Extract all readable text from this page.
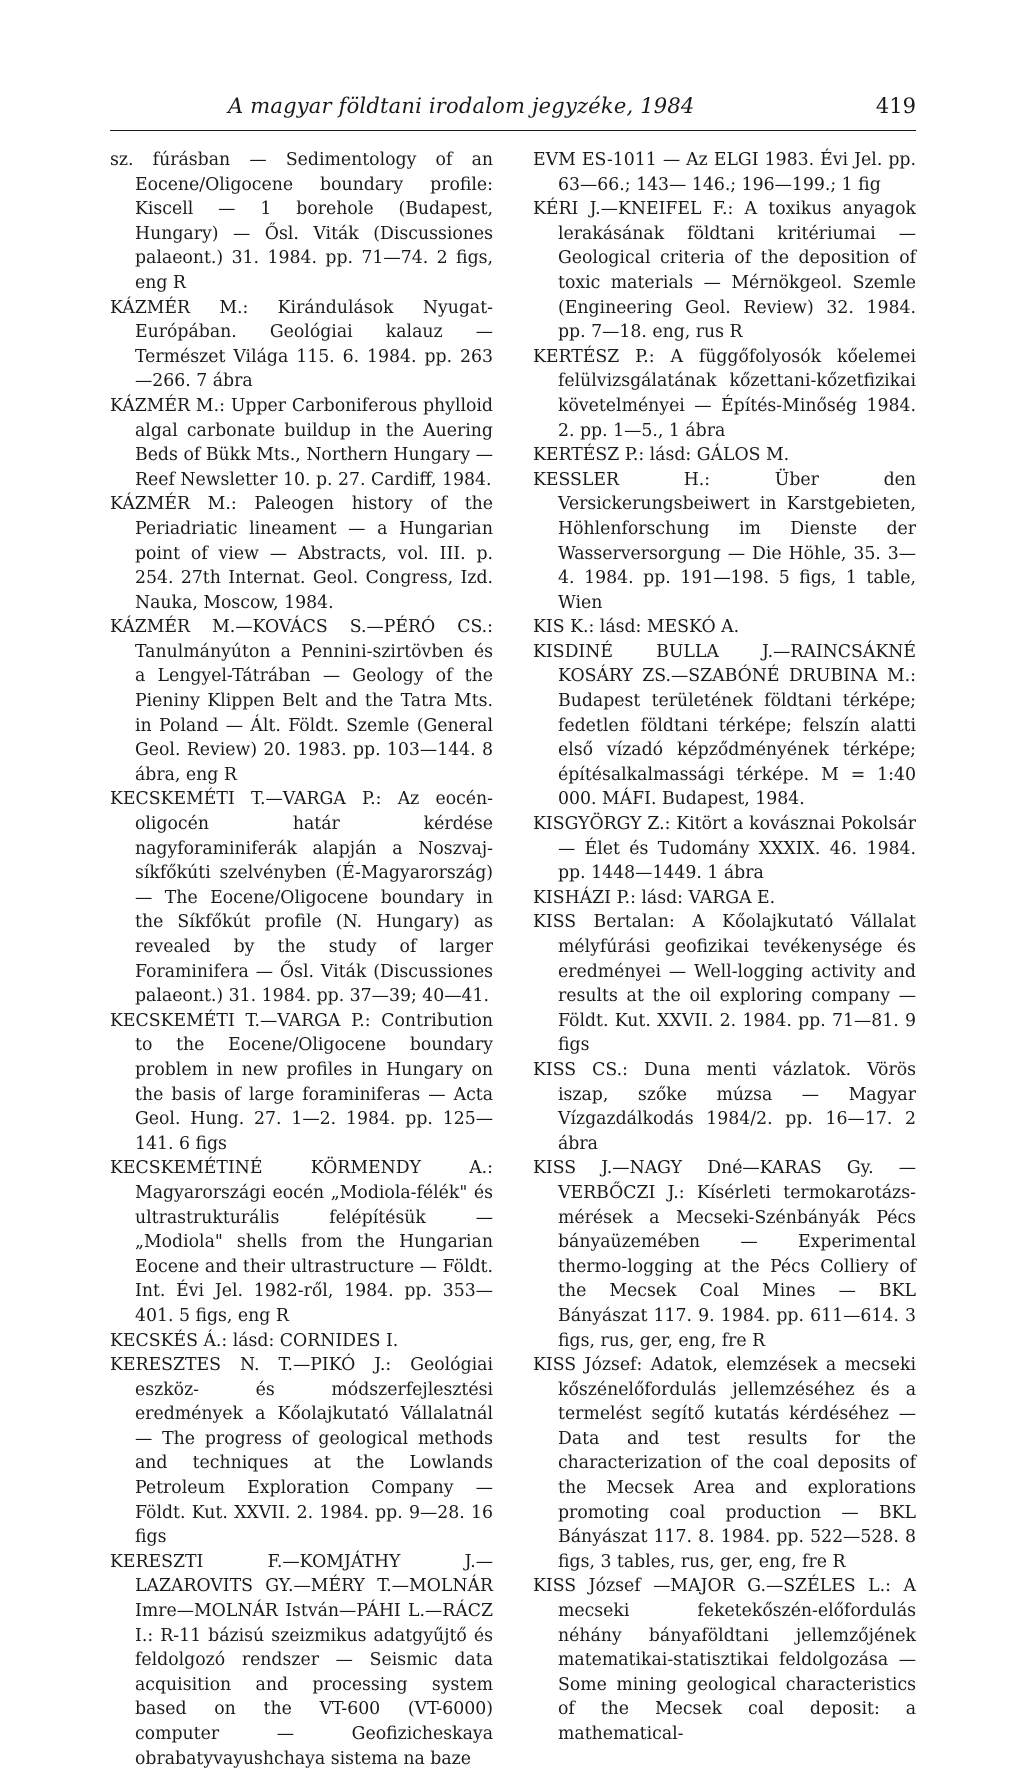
A magyar földtani irodalom jegyzéke, 1984	419

sz. fúrásban — Sedimentology of an Eocene/Oligocene boundary profile: Kiscell — 1 borehole (Budapest, Hungary) — Ősl. Viták (Discussiones palaeont.) 31. 1984. pp. 71—74. 2 figs, eng R

KÁZMÉR M.: Kirándulások Nyugat-Európában. Geológiai kalauz — Természet Világa 115. 6. 1984. pp. 263—266. 7 ábra

KÁZMÉR M.: Upper Carboniferous phylloid algal carbonate buildup in the Auering Beds of Bükk Mts., Northern Hungary — Reef Newsletter 10. p. 27. Cardiff, 1984.

KÁZMÉR M.: Paleogen history of the Periadriatic lineament — a Hungarian point of view — Abstracts, vol. III. p. 254. 27th Internat. Geol. Congress, Izd. Nauka, Moscow, 1984.

KÁZMÉR M.—KOVÁCS S.—PÉRÓ CS.: Tanulmányúton a Pennini-szirtövben és a Lengyel-Tátrában — Geology of the Pieniny Klippen Belt and the Tatra Mts. in Poland — Ált. Földt. Szemle (General Geol. Review) 20. 1983. pp. 103—144. 8 ábra, eng R

KECSKEMÉTI T.—VARGA P.: Az eocén-oligocén határ kérdése nagyforaminiferák alapján a Noszvaj-síkfőkúti szelvényben (É-Magyarország) — The Eocene/Oligocene boundary in the Síkfőkút profile (N. Hungary) as revealed by the study of larger Foraminifera — Ősl. Viták (Discussiones palaeont.) 31. 1984. pp. 37—39; 40—41.

KECSKEMÉTI T.—VARGA P.: Contribution to the Eocene/Oligocene boundary problem in new profiles in Hungary on the basis of large foraminiferas — Acta Geol. Hung. 27. 1—2. 1984. pp. 125—141. 6 figs

KECSKEMÉTINÉ KÖRMENDY A.: Magyarországi eocén „Modiola-félék" és ultrastrukturális felépítésük — „Modiola" shells from the Hungarian Eocene and their ultrastructure — Földt. Int. Évi Jel. 1982-ről, 1984. pp. 353—401. 5 figs, eng R

KECSKÉS Á.: lásd: CORNIDES I.

KERESZTES N. T.—PIKÓ J.: Geológiai eszköz- és módszerfejlesztési eredmények a Kőolajkutató Vállalatnál — The progress of geological methods and techniques at the Lowlands Petroleum Exploration Company — Földt. Kut. XXVII. 2. 1984. pp. 9—28. 16 figs

KERESZTI F.—KOMJÁTHY J.—LAZAROVITS GY.—MÉRY T.—MOLNÁR Imre—MOLNÁR István—PÁHI L.—RÁCZ I.: R-11 bázisú szeizmikus adatgyűjtő és feldolgozó rendszer — Seismic data acquisition and processing system based on the VT-600 (VT-6000) computer — Geofizicheskaya obrabatyvayushchaya sistema na baze

EVM ES-1011 — Az ELGI 1983. Évi Jel. pp. 63—66.; 143— 146.; 196—199.; 1 fig

KÉRI J.—KNEIFEL F.: A toxikus anyagok lerakásának földtani kritériumai — Geological criteria of the deposition of toxic materials — Mérnökgeol. Szemle (Engineering Geol. Review) 32. 1984. pp. 7—18. eng, rus R

KERTÉSZ P.: A függőfolyosók kőelemei felülvizsgálatának kőzettani-kőzetfizikai követelményei — Építés-Minőség 1984. 2. pp. 1—5., 1 ábra

KERTÉSZ P.: lásd: GÁLOS M.

KESSLER H.: Über den Versickerungsbeiwert in Karstgebieten, Höhlenforschung im Dienste der Wasserversorgung — Die Höhle, 35. 3—4. 1984. pp. 191—198. 5 figs, 1 table, Wien

KIS K.: lásd: MESKÓ A.

KISDINÉ BULLA J.—RAINCSÁKNÉ KOSÁRY ZS.—SZABÓNÉ DRUBINA M.: Budapest területének földtani térképe; fedetlen földtani térképe; felszín alatti első vízadó képződményének térképe; építésalkalmassági térképe. M = 1:40 000. MÁFI. Budapest, 1984.

KISGYÖRGY Z.: Kitört a kovásznai Pokolsár — Élet és Tudomány XXXIX. 46. 1984. pp. 1448—1449. 1 ábra

KISHÁZI P.: lásd: VARGA E.

KISS Bertalan: A Kőolajkutató Vállalat mélyfúrási geofizikai tevékenysége és eredményei — Well-logging activity and results at the oil exploring company — Földt. Kut. XXVII. 2. 1984. pp. 71—81. 9 figs

KISS CS.: Duna menti vázlatok. Vörös iszap, szőke múzsa — Magyar Vízgazdálkodás 1984/2. pp. 16—17. 2 ábra

KISS J.—NAGY Dné—KARAS Gy. — VERBŐCZI J.: Kísérleti termokarotázs-mérések a Mecseki-Szénbányák Pécs bányaüzemében — Experimental thermo-logging at the Pécs Colliery of the Mecsek Coal Mines — BKL Bányászat 117. 9. 1984. pp. 611—614. 3 figs, rus, ger, eng, fre R

KISS József: Adatok, elemzések a mecseki kőszénelőfordulás jellemzéséhez és a termelést segítő kutatás kérdéséhez — Data and test results for the characterization of the coal deposits of the Mecsek Area and explorations promoting coal production — BKL Bányászat 117. 8. 1984. pp. 522—528. 8 figs, 3 tables, rus, ger, eng, fre R

KISS József —MAJOR G.—SZÉLES L.: A mecseki feketekőszén-előfordulás néhány bányaföldtani jellemzőjének matematikai-statisztikai feldolgozása — Some mining geological characteristics of the Mecsek coal deposit: a mathematical-
